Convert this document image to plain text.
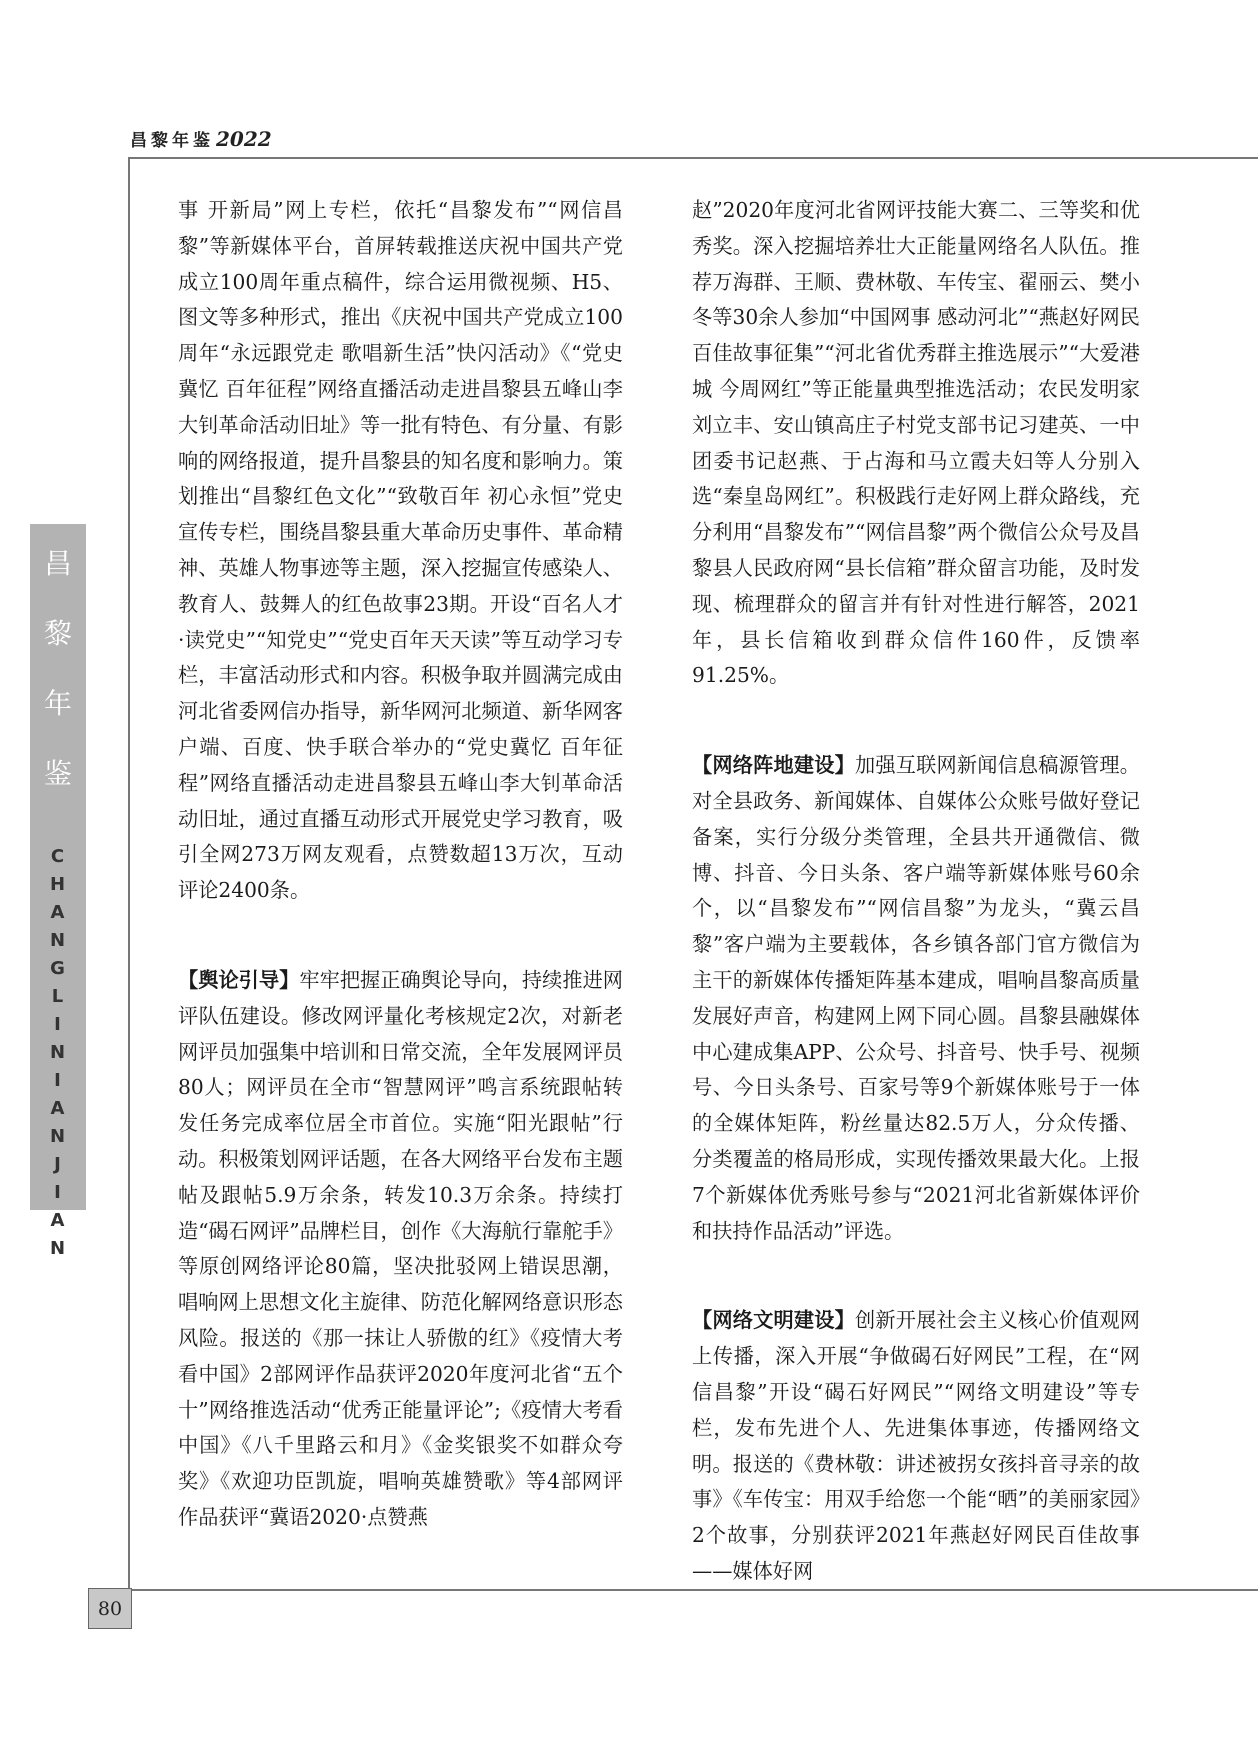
昌黎年鉴 2022
昌
黎
年
鉴
CHANGLINIANJIAN
80

事 开新局”网上专栏，依托“昌黎发布”“网信昌黎”等新媒体平台，首屏转载推送庆祝中国共产党成立100周年重点稿件，综合运用微视频、H5、图文等多种形式，推出《庆祝中国共产党成立100周年“永远跟党走 歌唱新生活”快闪活动》《“党史冀忆 百年征程”网络直播活动走进昌黎县五峰山李大钊革命活动旧址》等一批有特色、有分量、有影响的网络报道，提升昌黎县的知名度和影响力。策划推出“昌黎红色文化”“致敬百年 初心永恒”党史宣传专栏，围绕昌黎县重大革命历史事件、革命精神、英雄人物事迹等主题，深入挖掘宣传感染人、教育人、鼓舞人的红色故事23期。开设“百名人才·读党史”“知党史”“党史百年天天读”等互动学习专栏，丰富活动形式和内容。积极争取并圆满完成由河北省委网信办指导，新华网河北频道、新华网客户端、百度、快手联合举办的“党史冀忆 百年征程”网络直播活动走进昌黎县五峰山李大钊革命活动旧址，通过直播互动形式开展党史学习教育，吸引全网273万网友观看，点赞数超13万次，互动评论2400条。

【舆论引导】牢牢把握正确舆论导向，持续推进网评队伍建设。修改网评量化考核规定2次，对新老网评员加强集中培训和日常交流，全年发展网评员80人；网评员在全市“智慧网评”鸣言系统跟帖转发任务完成率位居全市首位。实施“阳光跟帖”行动。积极策划网评话题，在各大网络平台发布主题帖及跟帖5.9万余条，转发10.3万余条。持续打造“碣石网评”品牌栏目，创作《大海航行靠舵手》等原创网络评论80篇，坚决批驳网上错误思潮，唱响网上思想文化主旋律、防范化解网络意识形态风险。报送的《那一抹让人骄傲的红》《疫情大考看中国》2部网评作品获评2020年度河北省“五个十”网络推选活动“优秀正能量评论”;《疫情大考看中国》《八千里路云和月》《金奖银奖不如群众夸奖》《欢迎功臣凯旋，唱响英雄赞歌》等4部网评作品获评“冀语2020·点赞燕

赵”2020年度河北省网评技能大赛二、三等奖和优秀奖。深入挖掘培养壮大正能量网络名人队伍。推荐万海群、王顺、费林敬、车传宝、翟丽云、樊小冬等30余人参加“中国网事 感动河北”“燕赵好网民百佳故事征集”“河北省优秀群主推选展示”“大爱港城 今周网红”等正能量典型推选活动；农民发明家刘立丰、安山镇高庄子村党支部书记习建英、一中团委书记赵燕、于占海和马立霞夫妇等人分别入选“秦皇岛网红”。积极践行走好网上群众路线，充分利用“昌黎发布”“网信昌黎”两个微信公众号及昌黎县人民政府网“县长信箱”群众留言功能，及时发现、梳理群众的留言并有针对性进行解答，2021年，县长信箱收到群众信件160件，反馈率91.25%。

【网络阵地建设】加强互联网新闻信息稿源管理。对全县政务、新闻媒体、自媒体公众账号做好登记备案，实行分级分类管理，全县共开通微信、微博、抖音、今日头条、客户端等新媒体账号60余个，以“昌黎发布”“网信昌黎”为龙头，“冀云昌黎”客户端为主要载体，各乡镇各部门官方微信为主干的新媒体传播矩阵基本建成，唱响昌黎高质量发展好声音，构建网上网下同心圆。昌黎县融媒体中心建成集APP、公众号、抖音号、快手号、视频号、今日头条号、百家号等9个新媒体账号于一体的全媒体矩阵，粉丝量达82.5万人，分众传播、分类覆盖的格局形成，实现传播效果最大化。上报7个新媒体优秀账号参与“2021河北省新媒体评价和扶持作品活动”评选。

【网络文明建设】创新开展社会主义核心价值观网上传播，深入开展“争做碣石好网民”工程，在“网信昌黎”开设“碣石好网民”“网络文明建设”等专栏，发布先进个人、先进集体事迹，传播网络文明。报送的《费林敬：讲述被拐女孩抖音寻亲的故事》《车传宝：用双手给您一个能“晒”的美丽家园》2个故事，分别获评2021年燕赵好网民百佳故事——媒体好网
